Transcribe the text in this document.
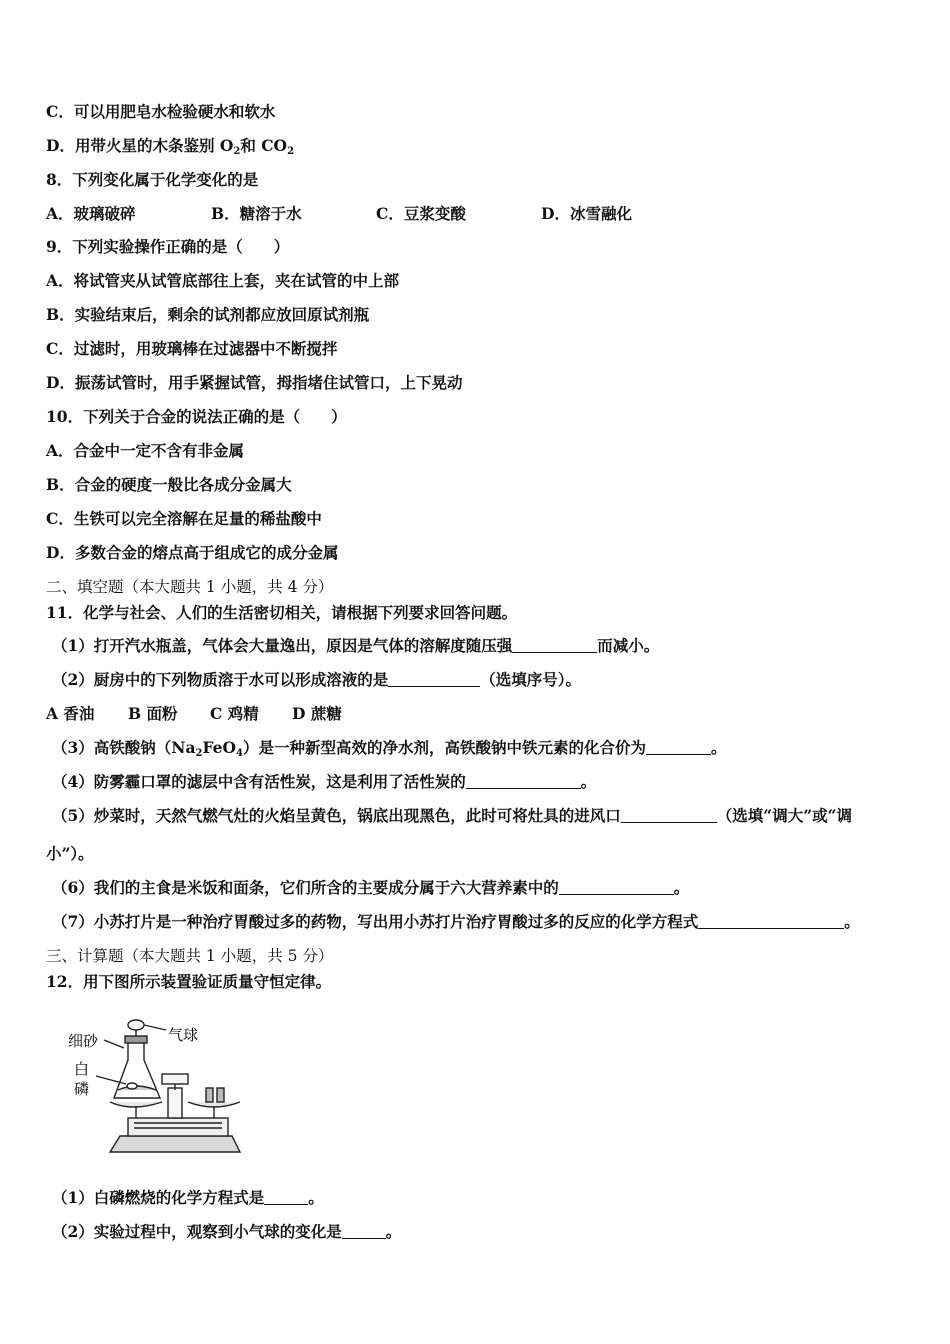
C．可以用肥皂水检验硬水和软水
D．用带火星的木条鉴别 $O_2$和 $CO_2$
8．下列变化属于化学变化的是
A．玻璃破碎	B．糖溶于水	C．豆浆变酸	D．冰雪融化
9．下列实验操作正确的是（　　）
A．将试管夹从试管底部往上套，夹在试管的中上部
B．实验结束后，剩余的试剂都应放回原试剂瓶
C．过滤时，用玻璃棒在过滤器中不断搅拌
D．振荡试管时，用手紧握试管，拇指堵住试管口，上下晃动
10．下列关于合金的说法正确的是（　　）
A．合金中一定不含有非金属
B．合金的硬度一般比各成分金属大
C．生铁可以完全溶解在足量的稀盐酸中
D．多数合金的熔点高于组成它的成分金属
二、填空题（本大题共 1 小题，共 4 分）
11．化学与社会、人们的生活密切相关，请根据下列要求回答问题。
（1）打开汽水瓶盖，气体会大量逸出，原因是气体的溶解度随压强	而减小。
（2）厨房中的下列物质溶于水可以形成溶液的是	（选填序号）。
A 香油 B 面粉 C 鸡精 D 蔗糖
（3）高铁酸钠$(Na_2FeO_4)$是一种新型高效的净水剂，高铁酸钠中铁元素的化合价为	。
（4）防雾霾口罩的滤层中含有活性炭，这是利用了活性炭的	。
（5）炒菜时，天然气燃气灶的火焰呈黄色，锅底出现黑色，此时可将灶具的进风口	（选填“调大”或“调
小”）。
（6）我们的主食是米饭和面条，它们所含的主要成分属于六大营养素中的	。
（7）小苏打片是一种治疗胃酸过多的药物，写出用小苏打片治疗胃酸过多的反应的化学方程式	。
三、计算题（本大题共 1 小题，共 5 分）
12．用下图所示装置验证质量守恒定律。
细砂	气球
白
磷
（1）白磷燃烧的化学方程式是	。
（2）实验过程中，观察到小气球的变化是	。
